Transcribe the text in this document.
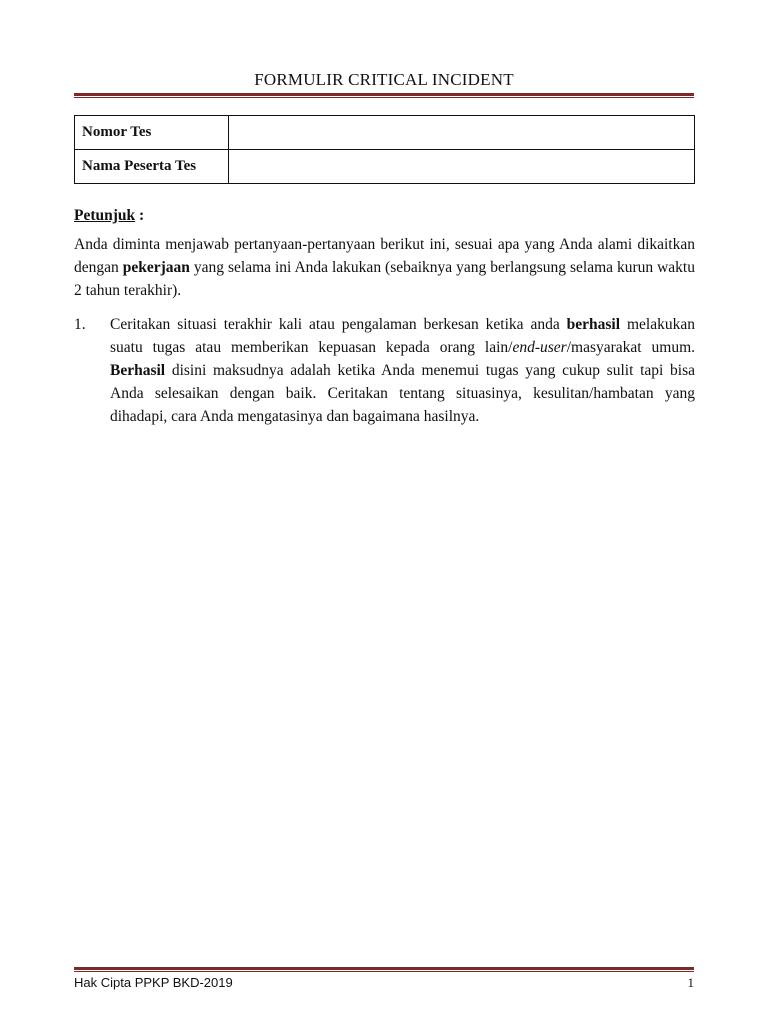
FORMULIR CRITICAL INCIDENT
Nomor Tes	
Nama Peserta Tes	
Petunjuk :
Anda diminta menjawab pertanyaan-pertanyaan berikut ini, sesuai apa yang Anda alami dikaitkan dengan pekerjaan yang selama ini Anda lakukan (sebaiknya yang berlangsung selama kurun waktu 2 tahun terakhir).
1. Ceritakan situasi terakhir kali atau pengalaman berkesan ketika anda berhasil melakukan suatu tugas atau memberikan kepuasan kepada orang lain/end-user/masyarakat umum. Berhasil disini maksudnya adalah ketika Anda menemui tugas yang cukup sulit tapi bisa Anda selesaikan dengan baik. Ceritakan tentang situasinya, kesulitan/hambatan yang dihadapi, cara Anda mengatasinya dan bagaimana hasilnya.
Hak Cipta PPKP BKD-2019	1
